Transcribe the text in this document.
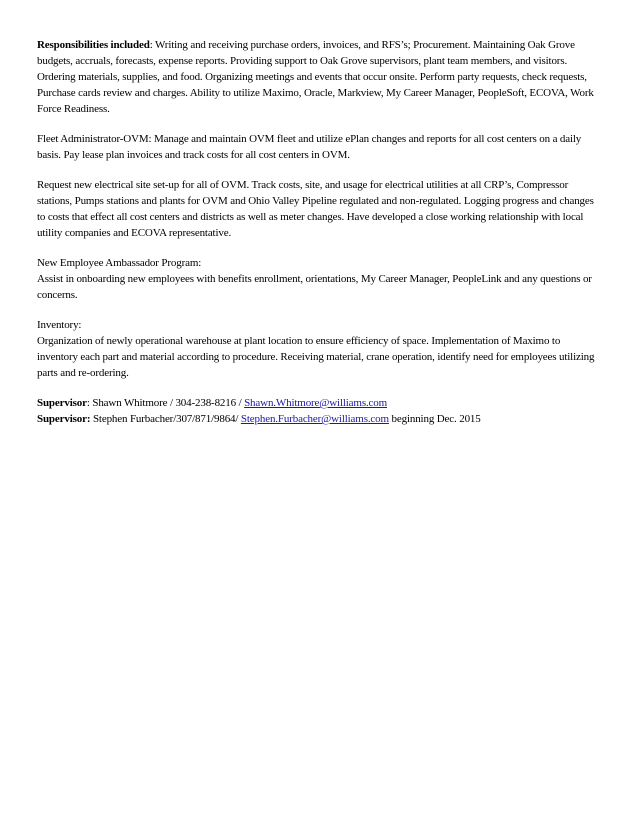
Responsibilities included: Writing and receiving purchase orders, invoices, and RFS’s; Procurement. Maintaining Oak Grove budgets, accruals, forecasts, expense reports. Providing support to Oak Grove supervisors, plant team members, and visitors. Ordering materials, supplies, and food. Organizing meetings and events that occur onsite. Perform party requests, check requests, Purchase cards review and charges. Ability to utilize Maximo, Oracle, Markview, My Career Manager, PeopleSoft, ECOVA, Work Force Readiness.

Fleet Administrator-OVM: Manage and maintain OVM fleet and utilize ePlan changes and reports for all cost centers on a daily basis. Pay lease plan invoices and track costs for all cost centers in OVM.

Request new electrical site set-up for all of OVM. Track costs, site, and usage for electrical utilities at all CRP’s, Compressor stations, Pumps stations and plants for OVM and Ohio Valley Pipeline regulated and non-regulated. Logging progress and changes to costs that effect all cost centers and districts as well as meter changes. Have developed a close working relationship with local utility companies and ECOVA representative.

New Employee Ambassador Program:
Assist in onboarding new employees with benefits enrollment, orientations, My Career Manager, PeopleLink and any questions or concerns.

Inventory:
Organization of newly operational warehouse at plant location to ensure efficiency of space. Implementation of Maximo to inventory each part and material according to procedure. Receiving material, crane operation, identify need for employees utilizing parts and re-ordering.

Supervisor: Shawn Whitmore / 304-238-8216 / Shawn.Whitmore@williams.com
Supervisor: Stephen Furbacher/307/871/9864/ Stephen.Furbacher@williams.com beginning Dec. 2015
